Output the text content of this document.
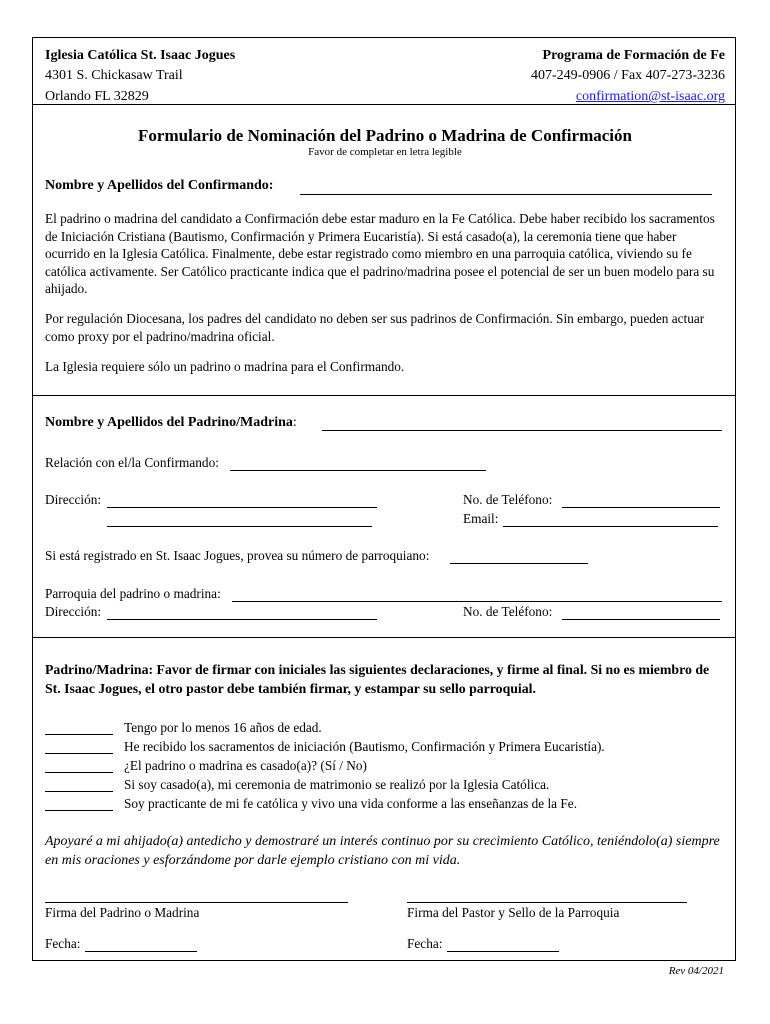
Iglesia Católica St. Isaac Jogues
4301 S. Chickasaw Trail
Orlando FL 32829
Programa de Formación de Fe
407-249-0906 / Fax 407-273-3236
confirmation@st-isaac.org
Formulario de Nominación del Padrino o Madrina de Confirmación
Favor de completar en letra legible
Nombre y Apellidos del Confirmando:
El padrino o madrina del candidato a Confirmación debe estar maduro en la Fe Católica. Debe haber recibido los sacramentos de Iniciación Cristiana (Bautismo, Confirmación y Primera Eucaristía). Si está casado(a), la ceremonia tiene que haber ocurrido en la Iglesia Católica. Finalmente, debe estar registrado como miembro en una parroquia católica, viviendo su fe católica activamente. Ser Católico practicante indica que el padrino/madrina posee el potencial de ser un buen modelo para su ahijado.
Por regulación Diocesana, los padres del candidato no deben ser sus padrinos de Confirmación. Sin embargo, pueden actuar como proxy por el padrino/madrina oficial.
La Iglesia requiere sólo un padrino o madrina para el Confirmando.
Nombre y Apellidos del Padrino/Madrina:
Relación con el/la Confirmando:
Dirección:	No. de Teléfono:
Email:
Si está registrado en St. Isaac Jogues, provea su número de parroquiano:
Parroquia del padrino o madrina:
Dirección:	No. de Teléfono:
Padrino/Madrina: Favor de firmar con iniciales las siguientes declaraciones, y firme al final. Si no es miembro de St. Isaac Jogues, el otro pastor debe también firmar, y estampar su sello parroquial.
Tengo por lo menos 16 años de edad.
He recibido los sacramentos de iniciación (Bautismo, Confirmación y Primera Eucaristía).
¿El padrino o madrina es casado(a)? (Sí / No)
Si soy casado(a), mi ceremonia de matrimonio se realizó por la Iglesia Católica.
Soy practicante de mi fe católica y vivo una vida conforme a las enseñanzas de la Fe.
Apoyaré a mi ahijado(a) antedicho y demostraré un interés continuo por su crecimiento Católico, teniéndolo(a) siempre en mis oraciones y esforzándome por darle ejemplo cristiano con mi vida.
Firma del Padrino o Madrina	Firma del Pastor y Sello de la Parroquia
Fecha:	Fecha:
Rev 04/2021
